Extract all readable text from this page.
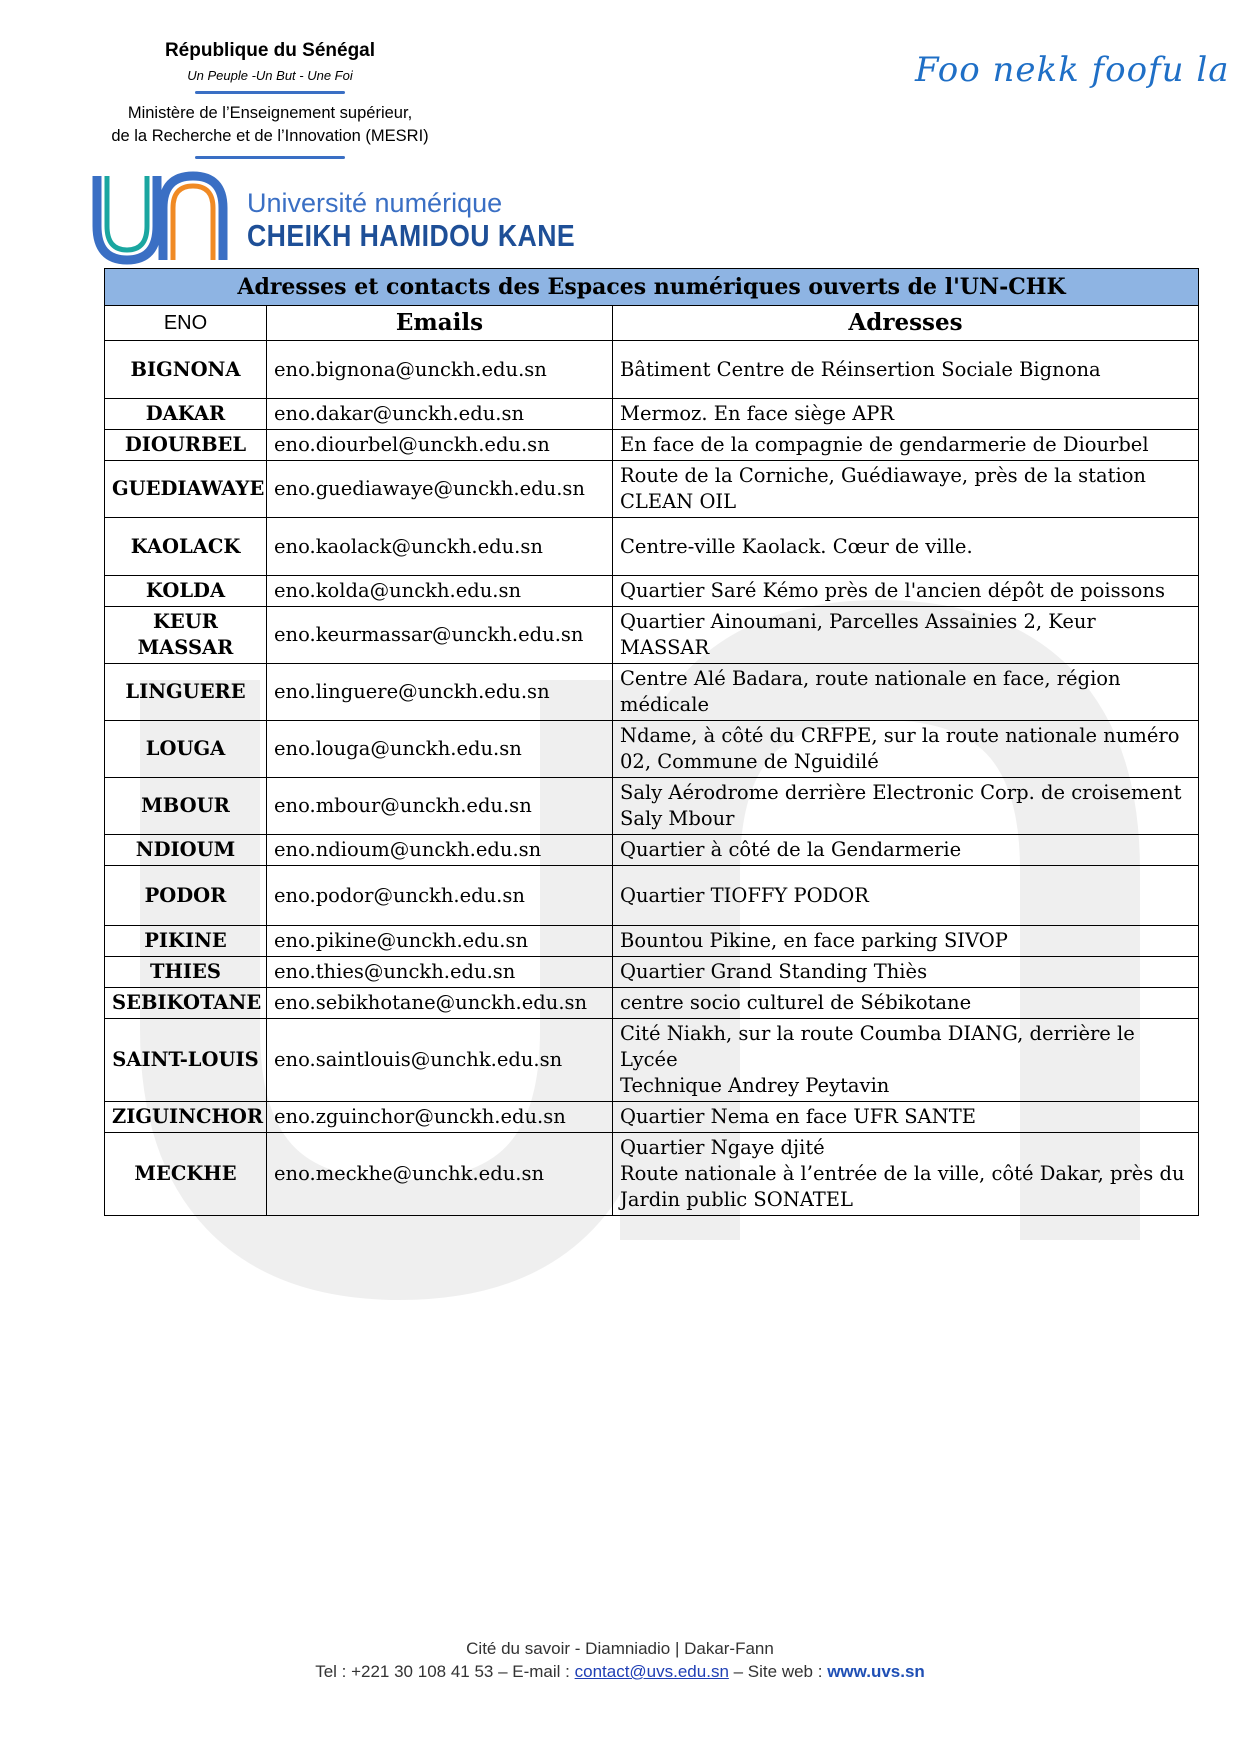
République du Sénégal

Un Peuple -Un But - Une Foi

Ministère de l’Enseignement supérieur,
de la Recherche et de l’Innovation (MESRI)
Foo nekk foofu la
Université numérique
CHEIKH HAMIDOU KANE
Adresses et contacts des Espaces numériques ouverts de l'UN-CHK		
ENO	Emails	Adresses

BIGNONA	eno.bignona@unckh.edu.sn	Bâtiment Centre de Réinsertion Sociale Bignona

DAKAR	eno.dakar@unckh.edu.sn	Mermoz. En face siège APR

DIOURBEL	eno.diourbel@unckh.edu.sn	En face de la compagnie de gendarmerie de Diourbel

GUEDIAWAYE	eno.guediawaye@unckh.edu.sn	Route de la Corniche, Guédiawaye, près de la station
CLEAN OIL

KAOLACK	eno.kaolack@unckh.edu.sn	Centre-ville Kaolack. Cœur de ville.

KOLDA	eno.kolda@unckh.edu.sn	Quartier Saré Kémo près de l'ancien dépôt de poissons

KEUR
MASSAR	eno.keurmassar@unckh.edu.sn	Quartier Ainoumani, Parcelles Assainies 2, Keur MASSAR

LINGUERE	eno.linguere@unckh.edu.sn	Centre Alé Badara, route nationale en face, région
médicale

LOUGA	eno.louga@unckh.edu.sn	Ndame, à côté du CRFPE, sur la route nationale numéro
02, Commune de Nguidilé

MBOUR	eno.mbour@unckh.edu.sn	Saly Aérodrome derrière Electronic Corp. de croisement
Saly Mbour

NDIOUM	eno.ndioum@unckh.edu.sn	Quartier à côté de la Gendarmerie

PODOR	eno.podor@unckh.edu.sn	Quartier TIOFFY PODOR

PIKINE	eno.pikine@unckh.edu.sn	Bountou Pikine, en face parking SIVOP

THIES	eno.thies@unckh.edu.sn	Quartier Grand Standing Thiès

SEBIKOTANE	eno.sebikhotane@unckh.edu.sn	centre socio culturel de Sébikotane

SAINT-LOUIS	eno.saintlouis@unchk.edu.sn	Cité Niakh, sur la route Coumba DIANG, derrière le Lycée
Technique Andrey Peytavin

ZIGUINCHOR	eno.zguinchor@unckh.edu.sn	Quartier Nema en face UFR SANTE

MECKHE	eno.meckhe@unchk.edu.sn	Quartier Ngaye djité
Route nationale à l’entrée de la ville, côté Dakar, près du
Jardin public SONATEL
Cité du savoir - Diamniadio | Dakar-Fann
Tel : +221 30 108 41 53 – E-mail : contact@uvs.edu.sn – Site web : www.uvs.sn
